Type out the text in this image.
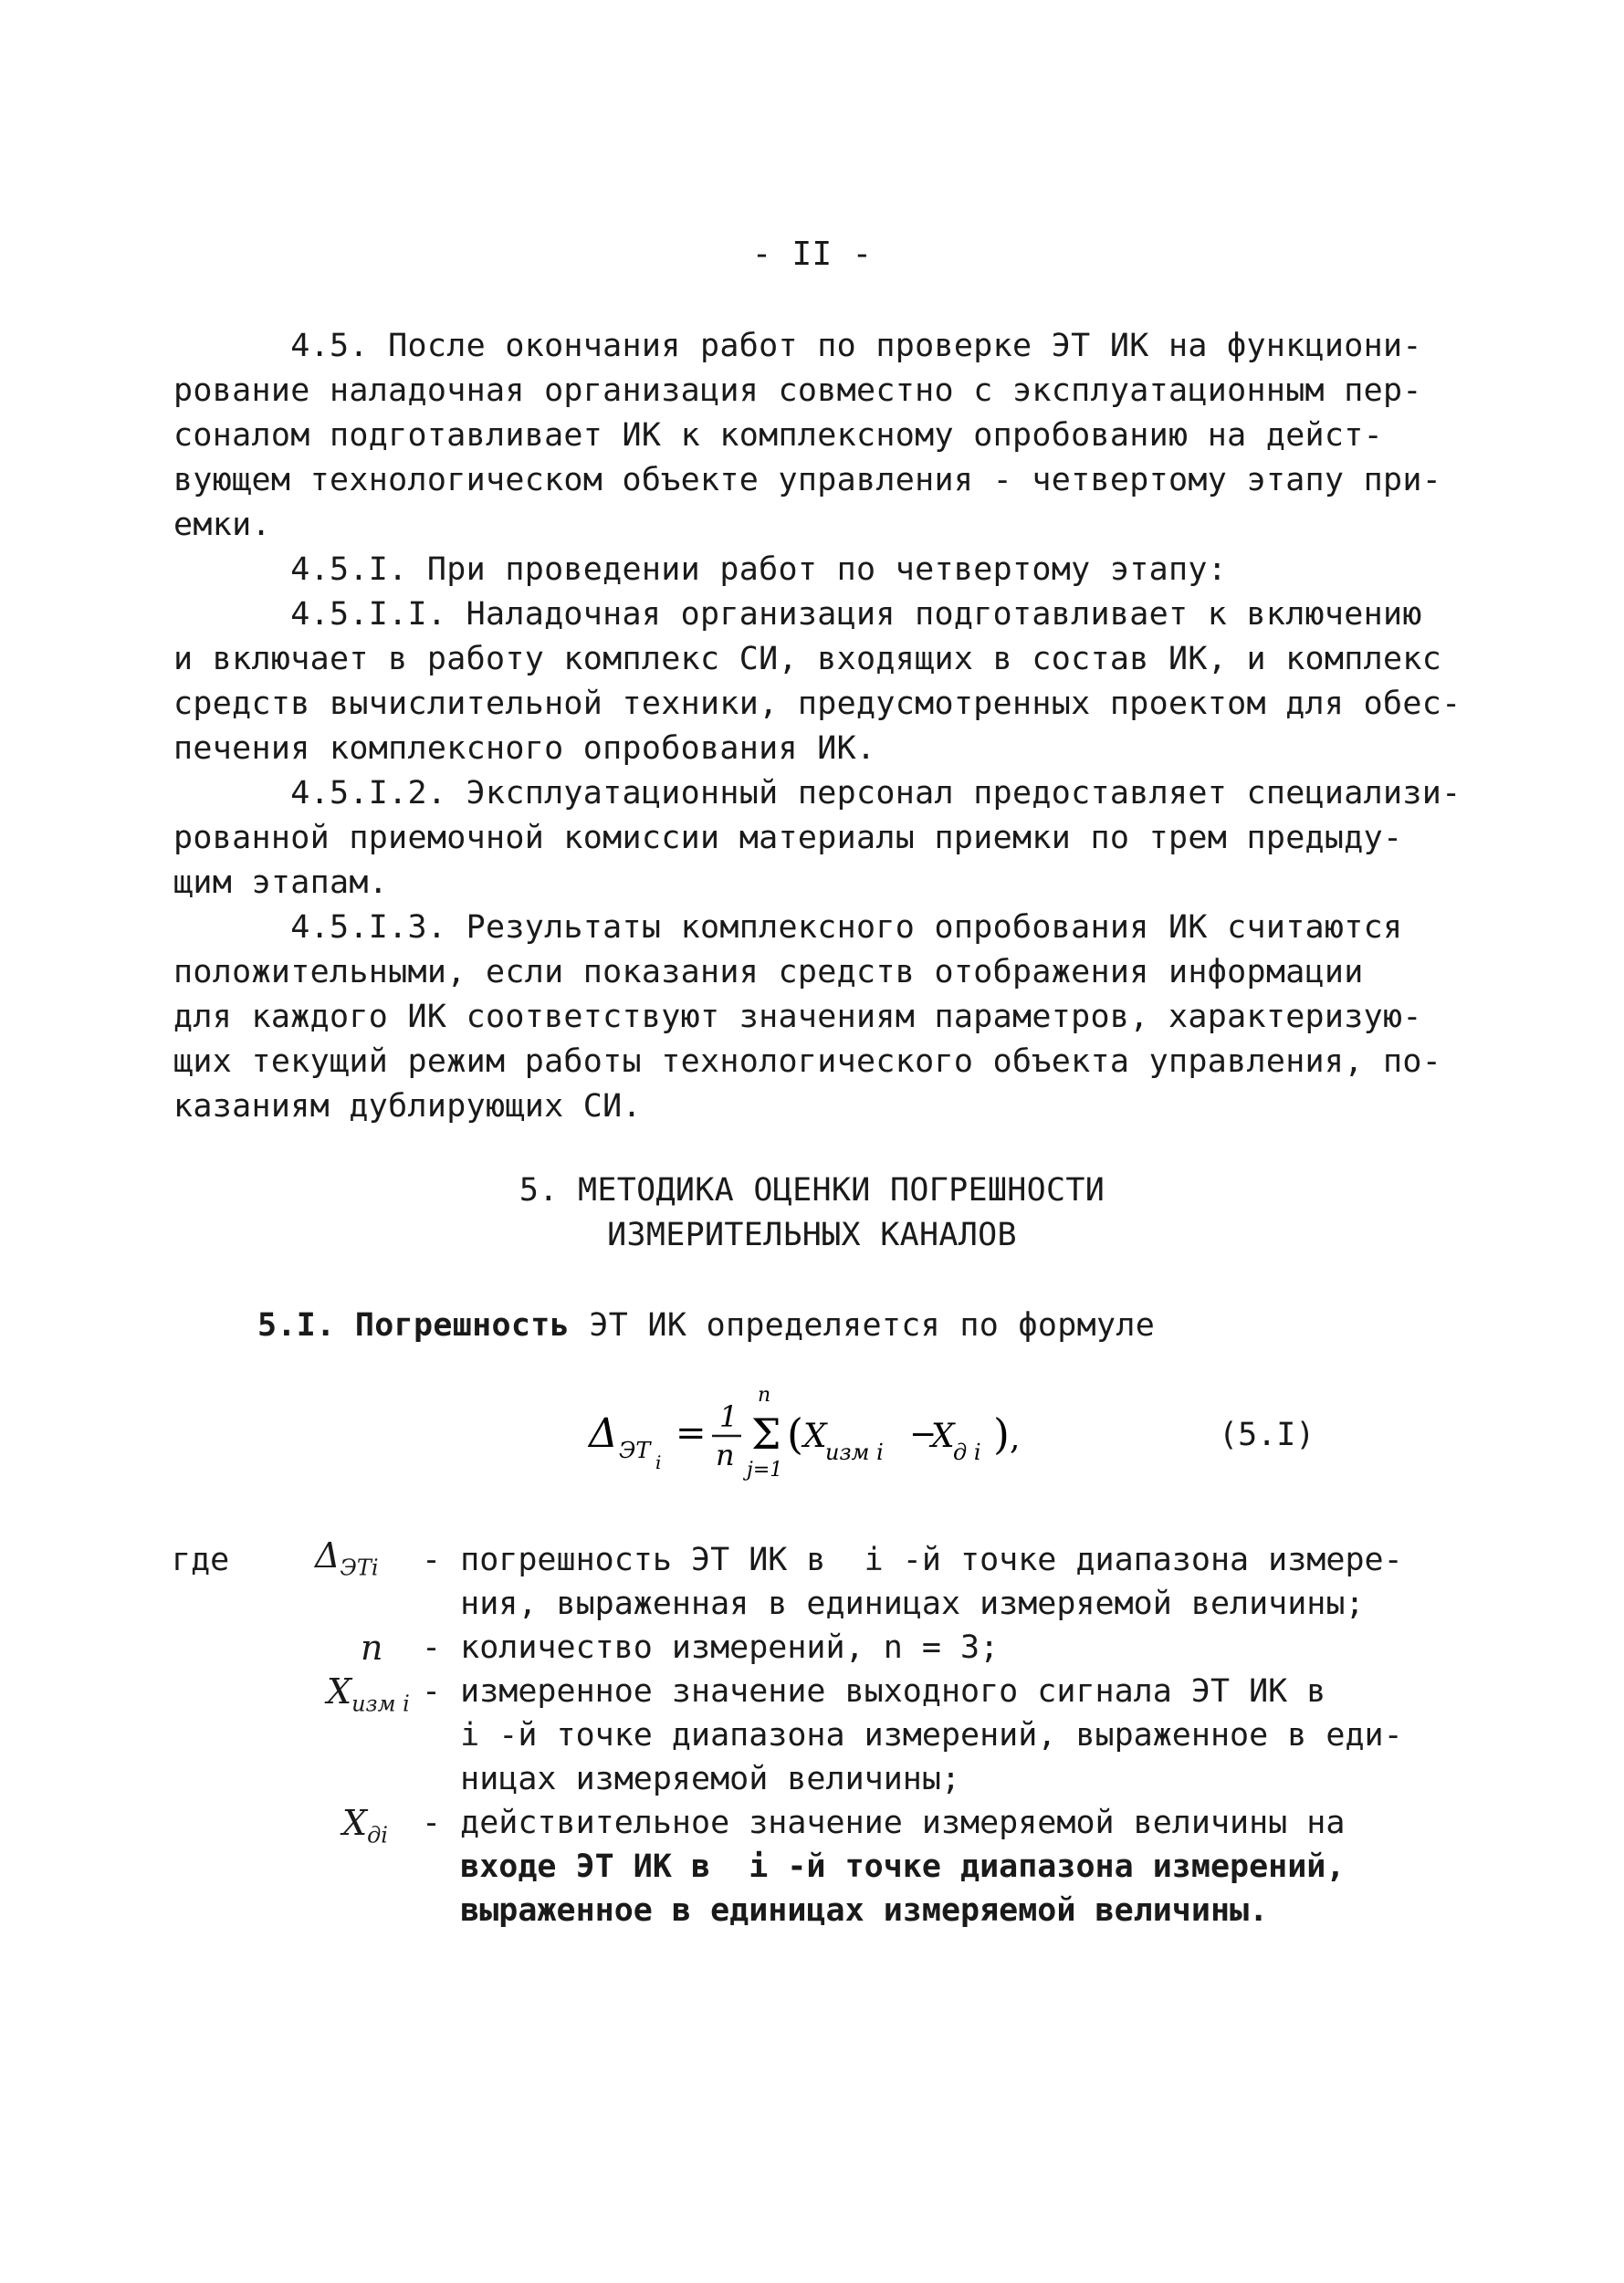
- II -
4.5. После окончания работ по проверке ЭТ ИК на функциони-
рование наладочная организация совместно с эксплуатационным пер-
соналом подготавливает ИК к комплексному опробованию на дейст-
вующем технологическом объекте управления - четвертому этапу при-
емки.
4.5.I. При проведении работ по четвертому этапу:
4.5.I.I. Наладочная организация подготавливает к включению
и включает в работу комплекс СИ, входящих в состав ИК, и комплекс
средств вычислительной техники, предусмотренных проектом для обес-
печения комплексного опробования ИК.
4.5.I.2. Эксплуатационный персонал предоставляет специализи-
рованной приемочной комиссии материалы приемки по трем предыду-
щим этапам.
4.5.I.3. Результаты комплексного опробования ИК считаются
положительными, если показания средств отображения информации
для каждого ИК соответствуют значениям параметров, характеризую-
щих текущий режим работы технологического объекта управления, по-
казаниям дублирующих СИ.
5. МЕТОДИКА ОЦЕНКИ ПОГРЕШНОСТИ
ИЗМЕРИТЕЛЬНЫХ КАНАЛОВ
5.I. Погрешность ЭТ ИК определяется по формуле
Δ ЭТ i
= 1
n
n
Σ
j=1
( X
изм i −
X
д i ) ,	(5.I)
где $\Delta_{ЭТi}$ - погрешность ЭТ ИК в  i -й точке диапазона измере-
ния, выраженная в единицах измеряемой величины;
n - количество измерений, n = 3;
$X_{изм i}$ - измеренное значение выходного сигнала ЭТ ИК в
i -й точке диапазона измерений, выраженное в еди-
ницах измеряемой величины;
$X_{дi}$ - действительное значение измеряемой величины на
входе ЭТ ИК в  i -й точке диапазона измерений,
выраженное в единицах измеряемой величины.
